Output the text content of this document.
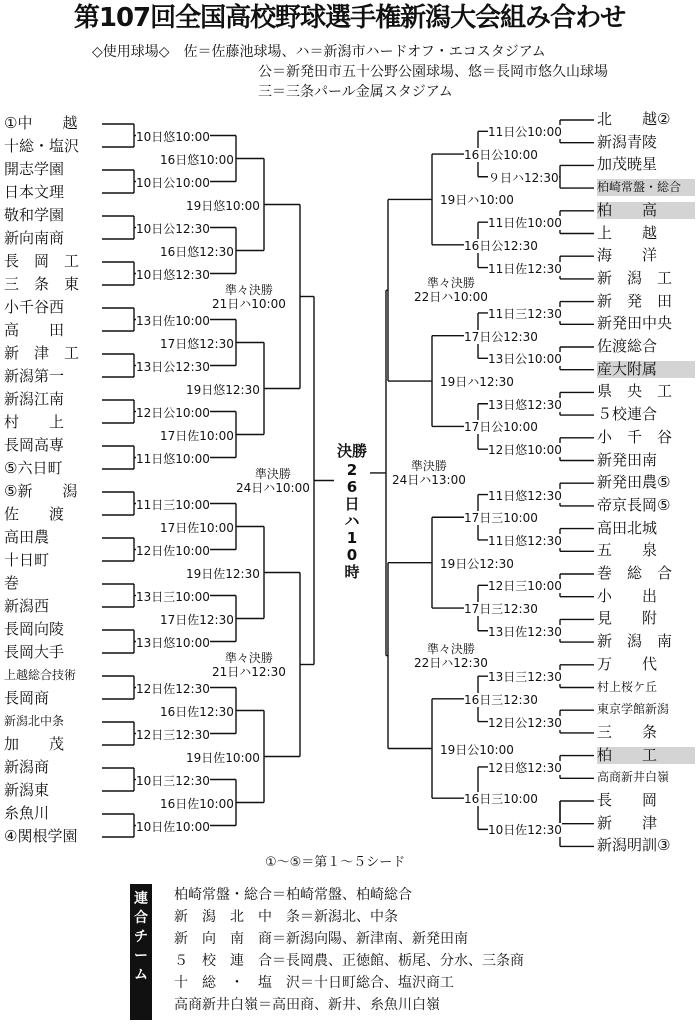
第107回全国高校野球選手権新潟大会組み合わせ
◇使用球場◇　佐＝佐藤池球場、ハ＝新潟市ハードオフ・エコスタジアム
公＝新発田市五十公野公園球場、悠＝長岡市悠久山球場
三＝三条パール金属スタジアム
①中　　越
十総・塩沢
開志学園
日本文理
敬和学園
新向南商
長　岡　工
三　条　東
小千谷西
高　　田
新　津　工
新潟第一
新潟江南
村　　上
長岡高専
⑤六日町
⑤新　　潟
佐　　渡
高田農
十日町
巻
新潟西
長岡向陵
長岡大手
上越総合技術
長岡商
新潟北中条
加　　茂
新潟商
新潟東
糸魚川
④関根学園
北　　越②
新潟青陵
加茂暁星
柏崎常盤・総合
柏　　高
上　　越
海　　洋
新　潟　工
新　発　田
新発田中央
佐渡総合
産大附属
県　央　工
５校連合
小　千　谷
新発田南
新発田農⑤
帝京長岡⑤
高田北城
五　　泉
巻　総　合
小　　出
見　　附
新　潟　南
万　　代
村上桜ケ丘
東京学館新潟
三　　条
柏　　工
高商新井白嶺
長　　岡
新　　津
新潟明訓③
10日悠10:00
10日公10:00
10日公12:30
10日悠12:30
13日佐10:00
13日公12:30
12日公10:00
11日悠10:00
11日三10:00
12日佐10:00
13日三10:00
13日悠10:00
12日佐12:30
12日三12:30
10日三12:30
10日佐10:00
16日悠10:00
16日悠12:30
17日悠12:30
17日佐10:00
17日佐10:00
17日佐12:30
16日佐12:30
16日佐10:00
19日悠10:00
19日悠12:30
19日佐12:30
19日佐10:00
準々決勝
21日ハ10:00
準々決勝
21日ハ12:30
準決勝
24日ハ10:00
11日公10:00
９日ハ12:30
11日佐10:00
11日佐12:30
11日三12:30
13日公10:00
13日悠12:30
12日悠10:00
11日悠12:30
11日悠12:30
12日三10:00
13日佐12:30
13日三12:30
12日公12:30
12日悠12:30
10日佐12:30
16日公10:00
16日公12:30
17日公12:30
17日公10:00
17日三10:00
17日三12:30
16日三12:30
16日三10:00
19日ハ10:00
19日ハ12:30
19日公12:30
19日公10:00
準々決勝
22日ハ10:00
準々決勝
22日ハ12:30
準決勝
24日ハ13:00
決勝
2
6
日
ハ
1
0
時
①～⑤＝第１～５シード
連
合
チ
ー
ム
柏崎常盤・総合＝柏崎常盤、柏崎総合
新　潟　北　中　条＝新潟北、中条
新　向　南　商＝新潟向陽、新津南、新発田南
５　校　連　合＝長岡農、正徳館、栃尾、分水、三条商
十　総　・　塩　沢＝十日町総合、塩沢商工
高商新井白嶺＝高田商、新井、糸魚川白嶺
